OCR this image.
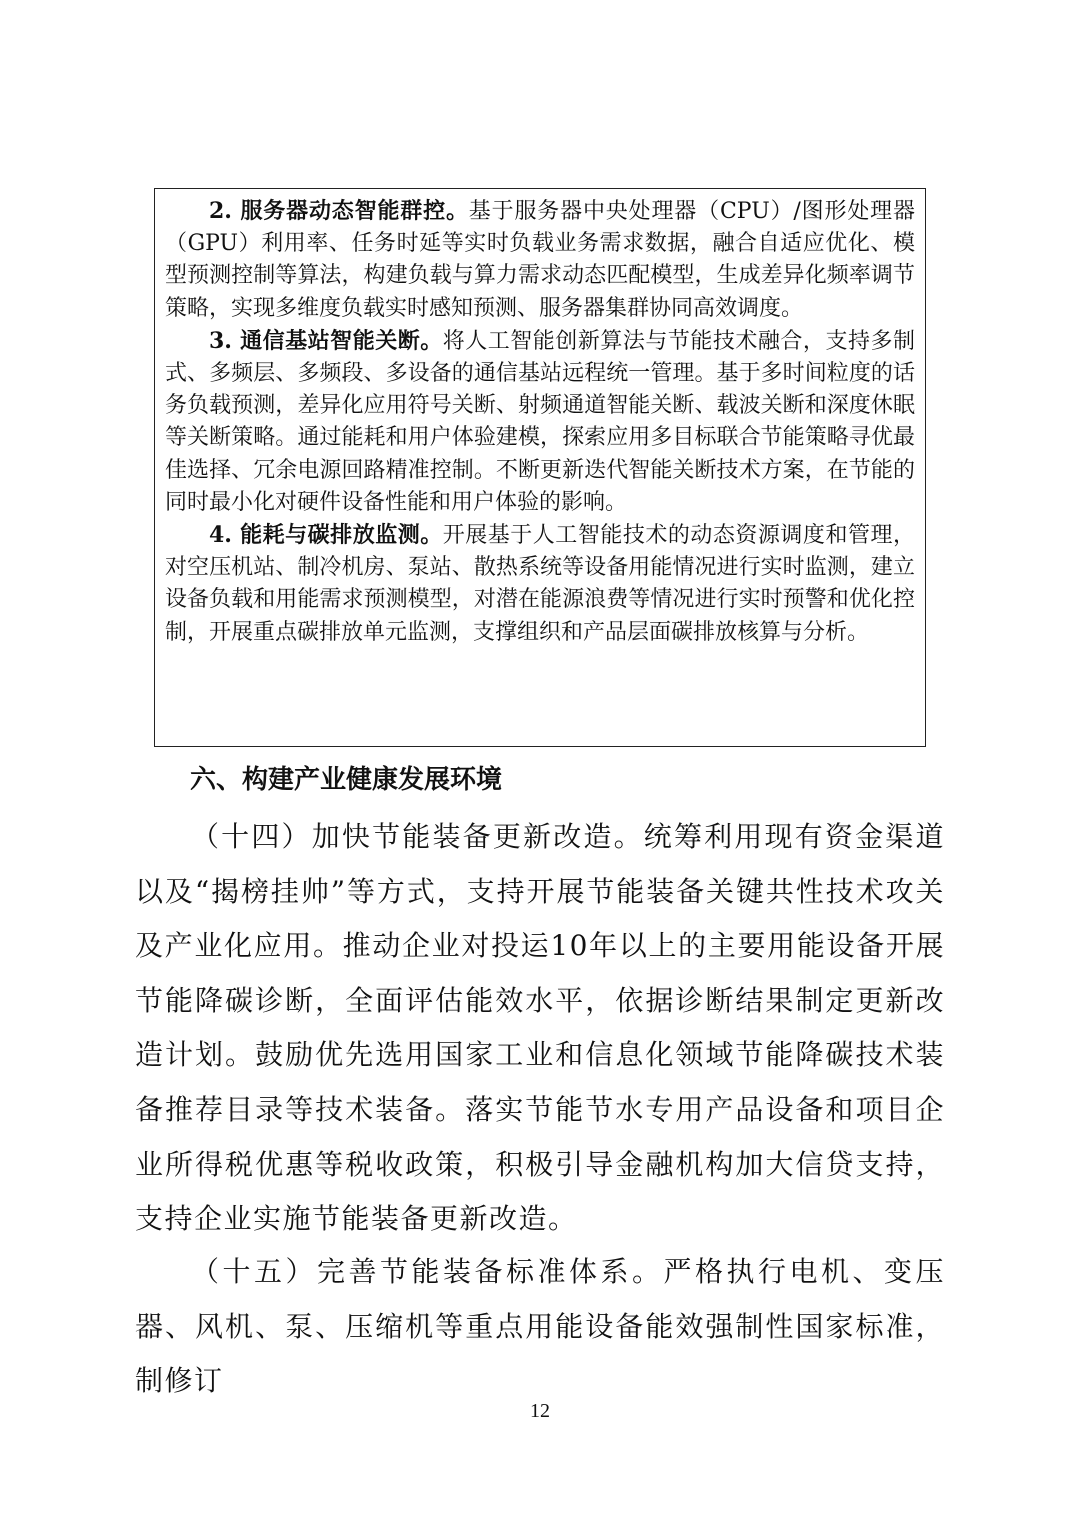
2. 服务器动态智能群控。基于服务器中央处理器（CPU）/图形处理器（GPU）利用率、任务时延等实时负载业务需求数据，融合自适应优化、模型预测控制等算法，构建负载与算力需求动态匹配模型，生成差异化频率调节策略，实现多维度负载实时感知预测、服务器集群协同高效调度。

3. 通信基站智能关断。将人工智能创新算法与节能技术融合，支持多制式、多频层、多频段、多设备的通信基站远程统一管理。基于多时间粒度的话务负载预测，差异化应用符号关断、射频通道智能关断、载波关断和深度休眠等关断策略。通过能耗和用户体验建模，探索应用多目标联合节能策略寻优最佳选择、冗余电源回路精准控制。不断更新迭代智能关断技术方案，在节能的同时最小化对硬件设备性能和用户体验的影响。

4. 能耗与碳排放监测。开展基于人工智能技术的动态资源调度和管理，对空压机站、制冷机房、泵站、散热系统等设备用能情况进行实时监测，建立设备负载和用能需求预测模型，对潜在能源浪费等情况进行实时预警和优化控制，开展重点碳排放单元监测，支撑组织和产品层面碳排放核算与分析。

六、构建产业健康发展环境

（十四）加快节能装备更新改造。统筹利用现有资金渠道以及“揭榜挂帅”等方式，支持开展节能装备关键共性技术攻关及产业化应用。推动企业对投运10年以上的主要用能设备开展节能降碳诊断，全面评估能效水平，依据诊断结果制定更新改造计划。鼓励优先选用国家工业和信息化领域节能降碳技术装备推荐目录等技术装备。落实节能节水专用产品设备和项目企业所得税优惠等税收政策，积极引导金融机构加大信贷支持，支持企业实施节能装备更新改造。

（十五）完善节能装备标准体系。严格执行电机、变压器、风机、泵、压缩机等重点用能设备能效强制性国家标准，制修订

12
